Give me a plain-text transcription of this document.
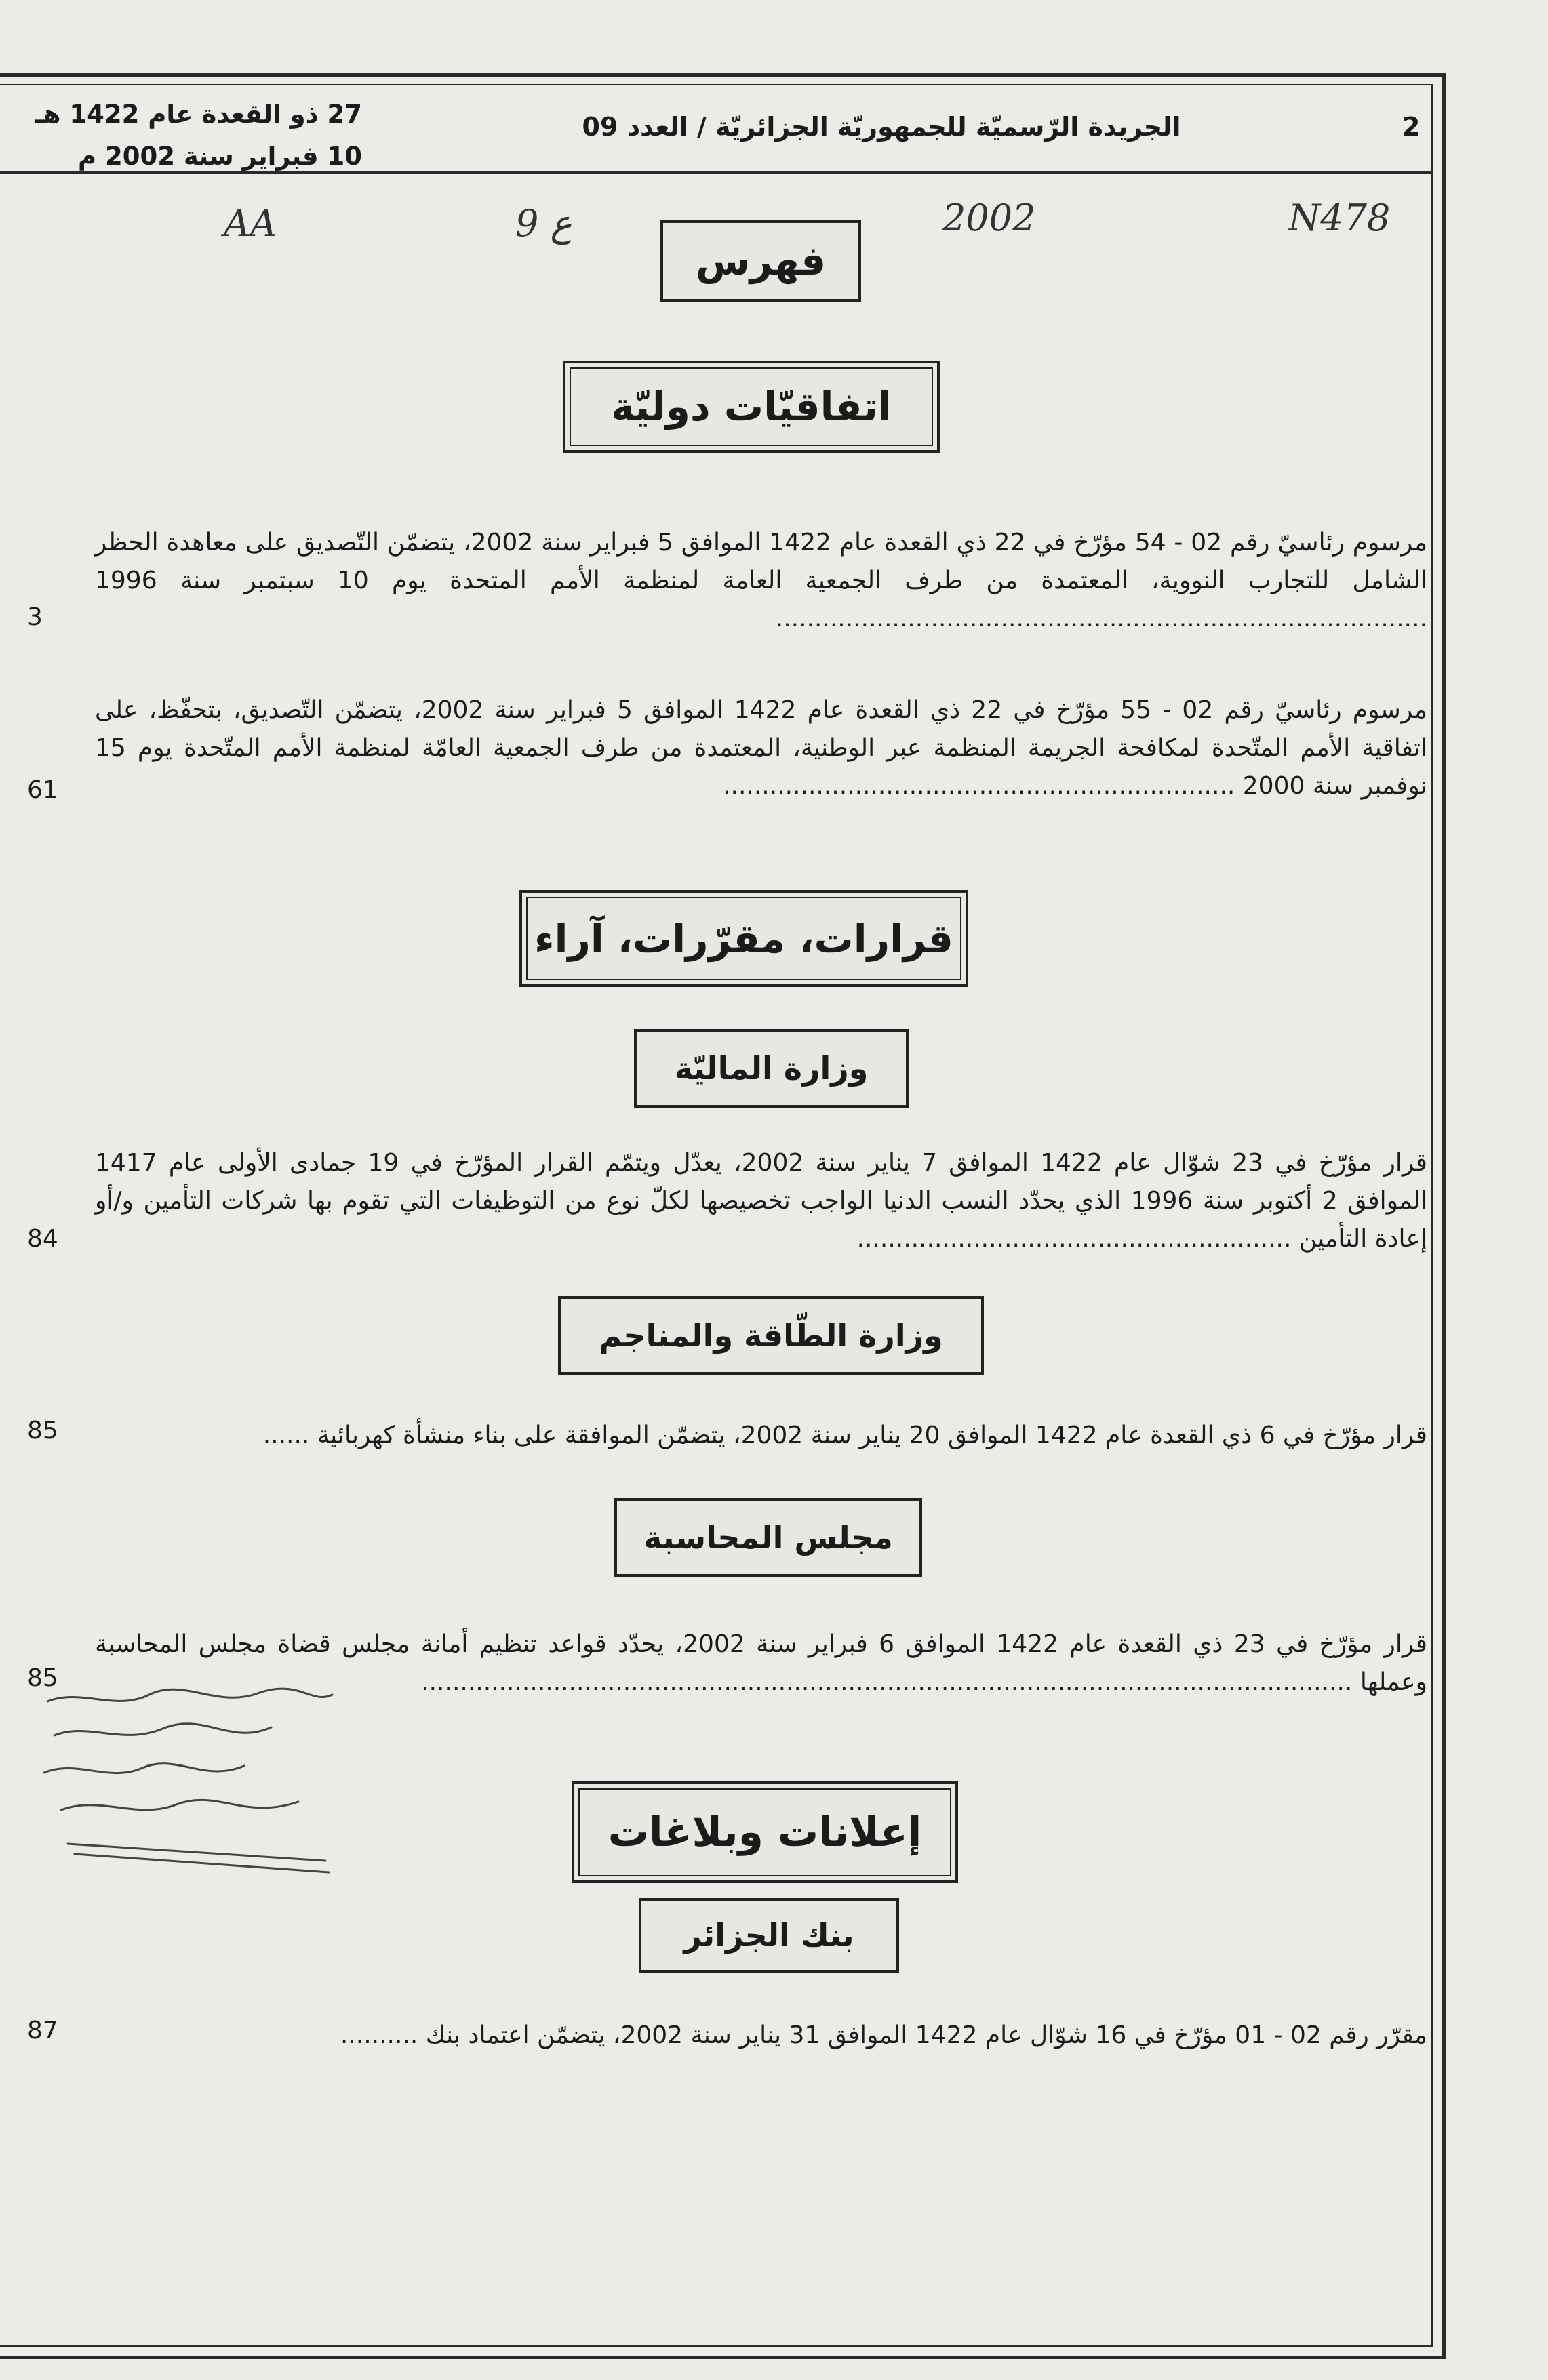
27 ذو القعدة عام 1422 هـ
10 فبراير سنة 2002 م
الجريدة الرّسميّة للجمهوريّة الجزائريّة / العدد 09	2
AA	9 ع	2002	N478
فهرس
اتفاقيّات دوليّة
مرسوم رئاسيّ رقم 02 - 54 مؤرّخ في 22 ذي القعدة عام 1422 الموافق 5 فبراير سنة 2002، يتضمّن التّصديق على معاهدة الحظر الشامل للتجارب النووية، المعتمدة من طرف الجمعية العامة لمنظمة الأمم المتحدة يوم 10 سبتمبر سنة 1996 ....................................................................................
3
مرسوم رئاسيّ رقم 02 - 55 مؤرّخ في 22 ذي القعدة عام 1422 الموافق 5 فبراير سنة 2002، يتضمّن التّصديق، بتحفّظ، على اتفاقية الأمم المتّحدة لمكافحة الجريمة المنظمة عبر الوطنية، المعتمدة من طرف الجمعية العامّة لمنظمة الأمم المتّحدة يوم 15 نوفمبر سنة 2000 ..................................................................
61
قرارات، مقرّرات، آراء
وزارة الماليّة
قرار مؤرّخ في 23 شوّال عام 1422 الموافق 7 يناير سنة 2002، يعدّل ويتمّم القرار المؤرّخ في 19 جمادى الأولى عام 1417 الموافق 2 أكتوبر سنة 1996 الذي يحدّد النسب الدنيا الواجب تخصيصها لكلّ نوع من التوظيفات التي تقوم بها شركات التأمين و/أو إعادة التأمين ........................................................
84
وزارة الطّاقة والمناجم
قرار مؤرّخ في 6 ذي القعدة عام 1422 الموافق 20 يناير سنة 2002، يتضمّن الموافقة على بناء منشأة كهربائية ......
85
مجلس المحاسبة
قرار مؤرّخ في 23 ذي القعدة عام 1422 الموافق 6 فبراير سنة 2002، يحدّد قواعد تنظيم أمانة مجلس قضاة مجلس المحاسبة وعملها ........................................................................................................................
85
إعلانات وبلاغات
بنك الجزائر
مقرّر رقم 02 - 01 مؤرّخ في 16 شوّال عام 1422 الموافق 31 يناير سنة 2002، يتضمّن اعتماد بنك ..........
87
